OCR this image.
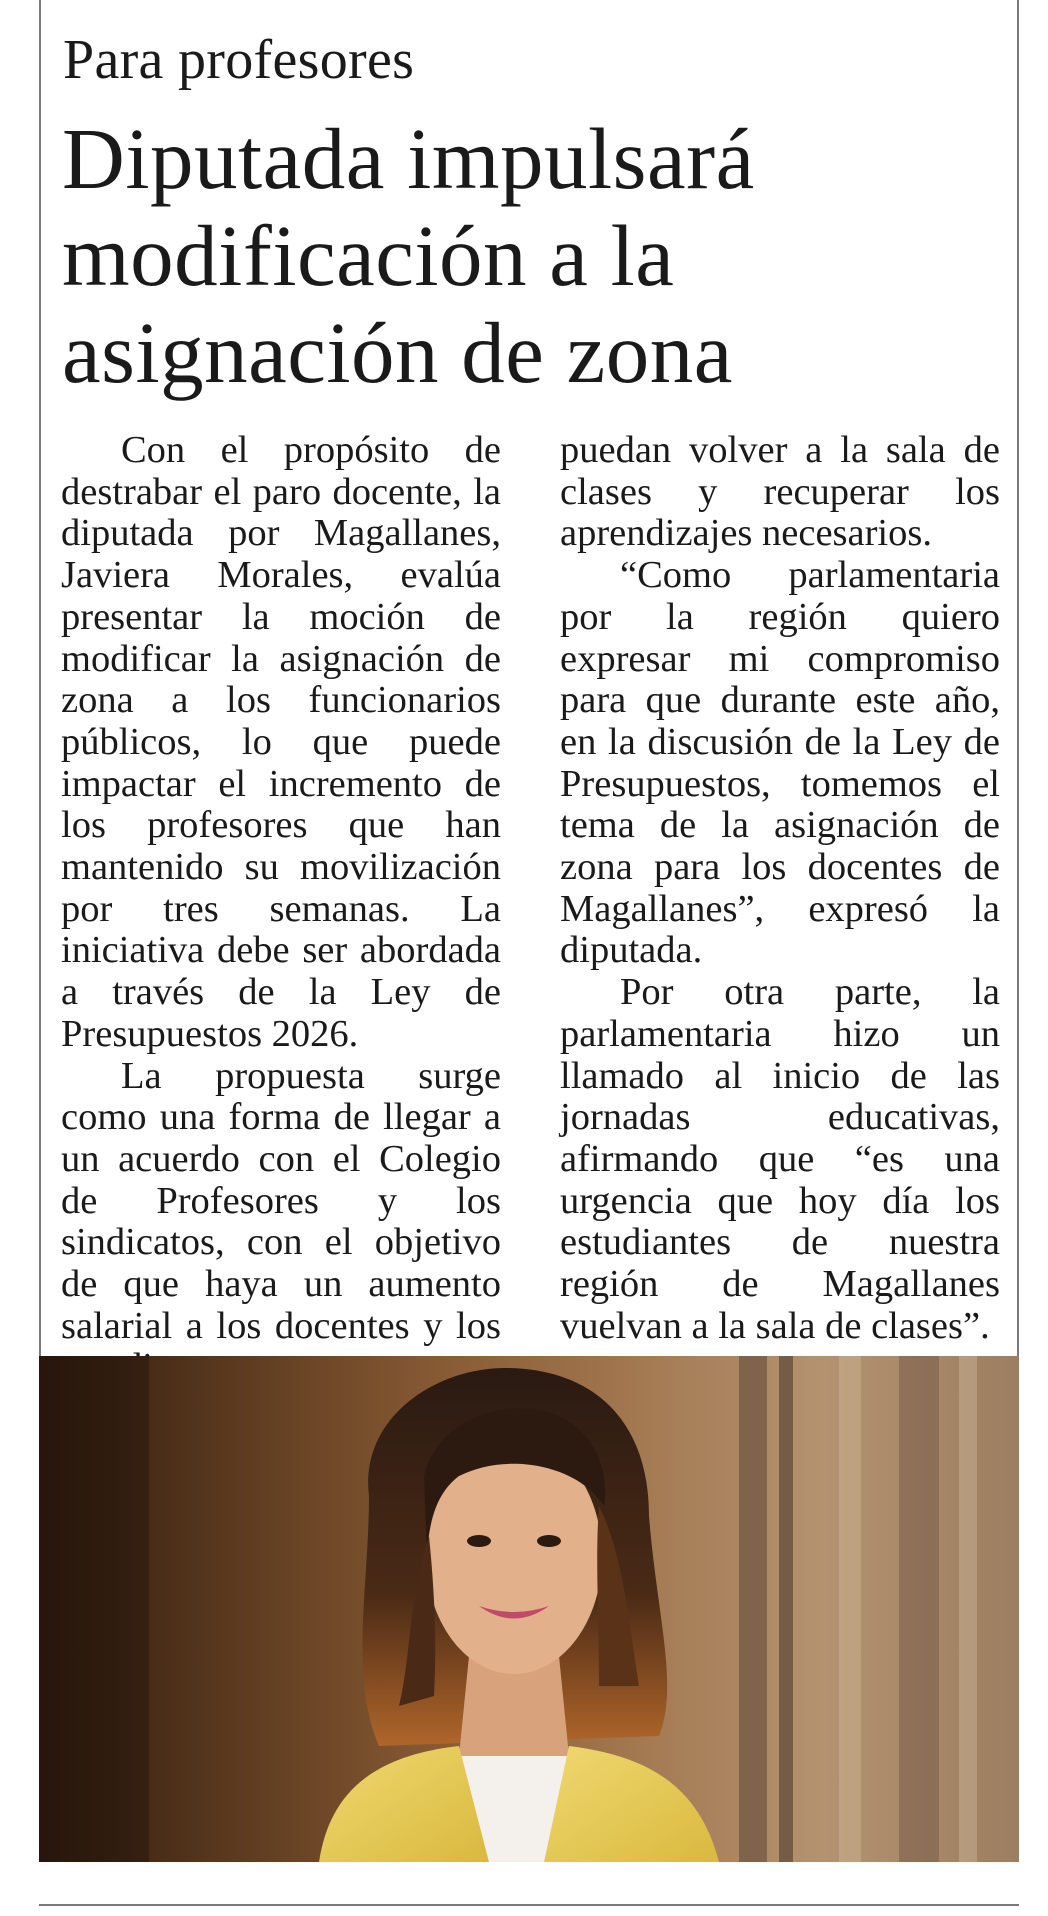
Para profesores
Diputada impulsará modificación a la asignación de zona

Con el propósito de destrabar el paro docente, la diputada por Magallanes, Javiera Morales, evalúa presentar la moción de modificar la asignación de zona a los funcionarios públicos, lo que puede impactar el incremento de los profesores que han mantenido su movilización por tres semanas. La iniciativa debe ser abordada a través de la Ley de Presupuestos 2026.

La propuesta surge como una forma de llegar a un acuerdo con el Colegio de Profesores y los sindicatos, con el objetivo de que haya un aumento salarial a los docentes y los

puedan volver a la sala de clases y recuperar los aprendizajes necesarios.

“Como parlamentaria por la región quiero expresar mi compromiso para que durante este año, en la discusión de la Ley de Presupuestos, tomemos el tema de la asignación de zona para los docentes de Magallanes”, expresó la diputada.

Por otra parte, la parlamentaria hizo un llamado al inicio de las jornadas educativas, afirmando que “es una urgencia que hoy día los estudiantes de nuestra región de Magallanes vuelvan a la sala de clases”.
